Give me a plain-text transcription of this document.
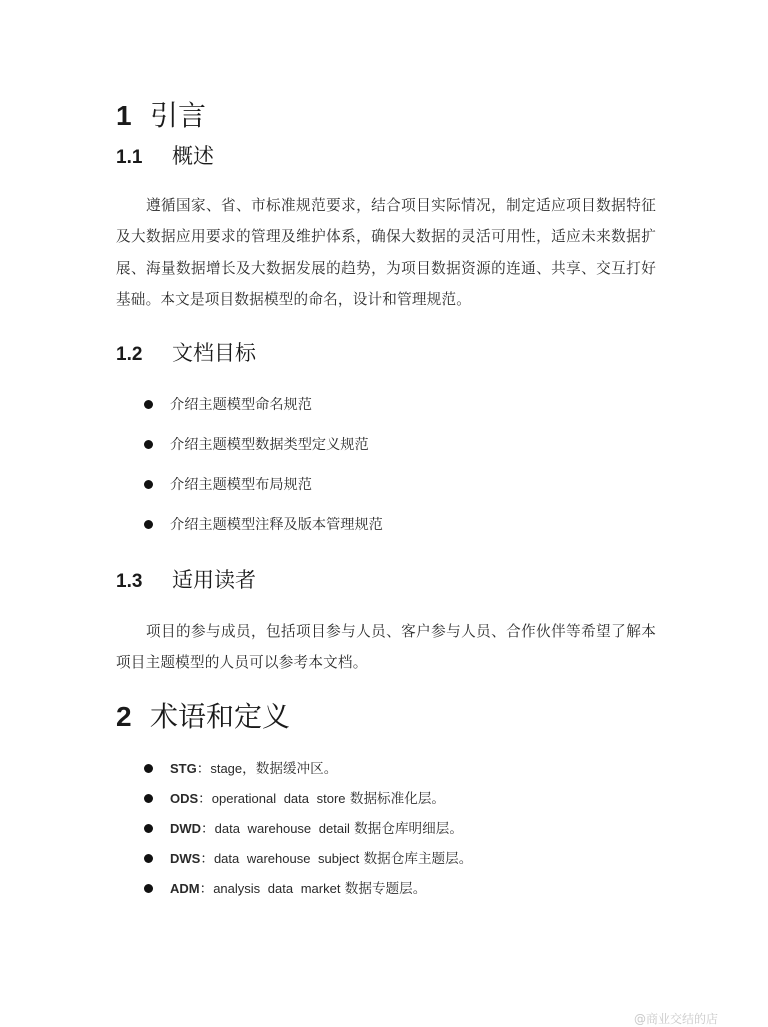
1 引言
1.1 概述

遵循国家、省、市标准规范要求，结合项目实际情况，制定适应项目数据特征及大数据应用要求的管理及维护体系，确保大数据的灵活可用性，适应未来数据扩展、海量数据增长及大数据发展的趋势，为项目数据资源的连通、共享、交互打好基础。本文是项目数据模型的命名，设计和管理规范。

1.2 文档目标
介绍主题模型命名规范
介绍主题模型数据类型定义规范
介绍主题模型布局规范
介绍主题模型注释及版本管理规范
1.3 适用读者

项目的参与成员，包括项目参与人员、客户参与人员、合作伙伴等希望了解本项目主题模型的人员可以参考本文档。

2 术语和定义
STG：stage，数据缓冲区。
ODS：operational data store 数据标准化层。
DWD：data warehouse detail 数据仓库明细层。
DWS：data warehouse subject 数据仓库主题层。
ADM：analysis data market 数据专题层。
@商业交结的店
